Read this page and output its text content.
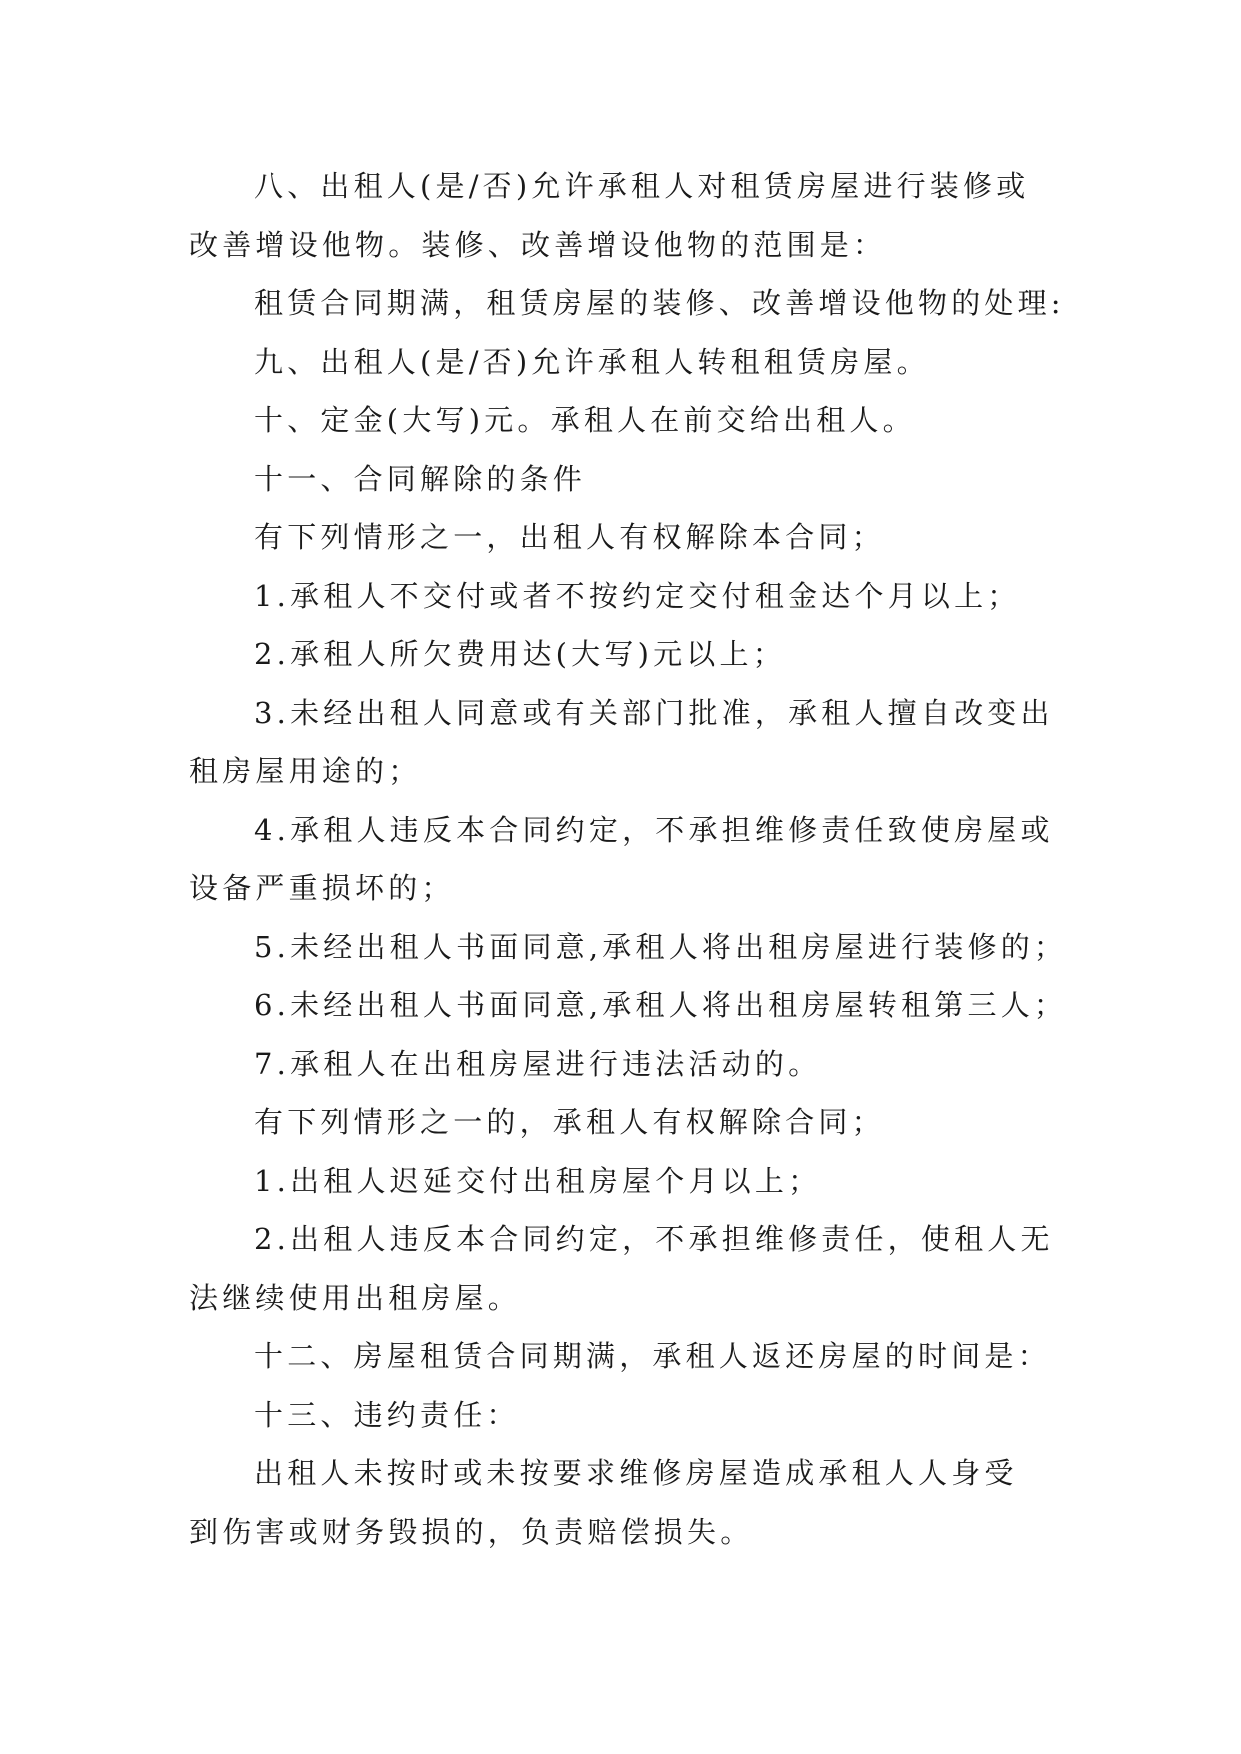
八、出租人(是/否)允许承租人对租赁房屋进行装修或
改善增设他物。装修、改善增设他物的范围是：
租赁合同期满，租赁房屋的装修、改善增设他物的处理:
九、出租人(是/否)允许承租人转租租赁房屋。
十、定金(大写)元。承租人在前交给出租人。
十一、合同解除的条件
有下列情形之一，出租人有权解除本合同；
1.承租人不交付或者不按约定交付租金达个月以上；
2.承租人所欠费用达(大写)元以上；
3.未经出租人同意或有关部门批准，承租人擅自改变出
租房屋用途的；
4.承租人违反本合同约定，不承担维修责任致使房屋或
设备严重损坏的；
5.未经出租人书面同意,承租人将出租房屋进行装修的；
6.未经出租人书面同意,承租人将出租房屋转租第三人；
7.承租人在出租房屋进行违法活动的。
有下列情形之一的，承租人有权解除合同；
1.出租人迟延交付出租房屋个月以上；
2.出租人违反本合同约定，不承担维修责任，使租人无
法继续使用出租房屋。
十二、房屋租赁合同期满，承租人返还房屋的时间是：
十三、违约责任：
出租人未按时或未按要求维修房屋造成承租人人身受
到伤害或财务毁损的，负责赔偿损失。
